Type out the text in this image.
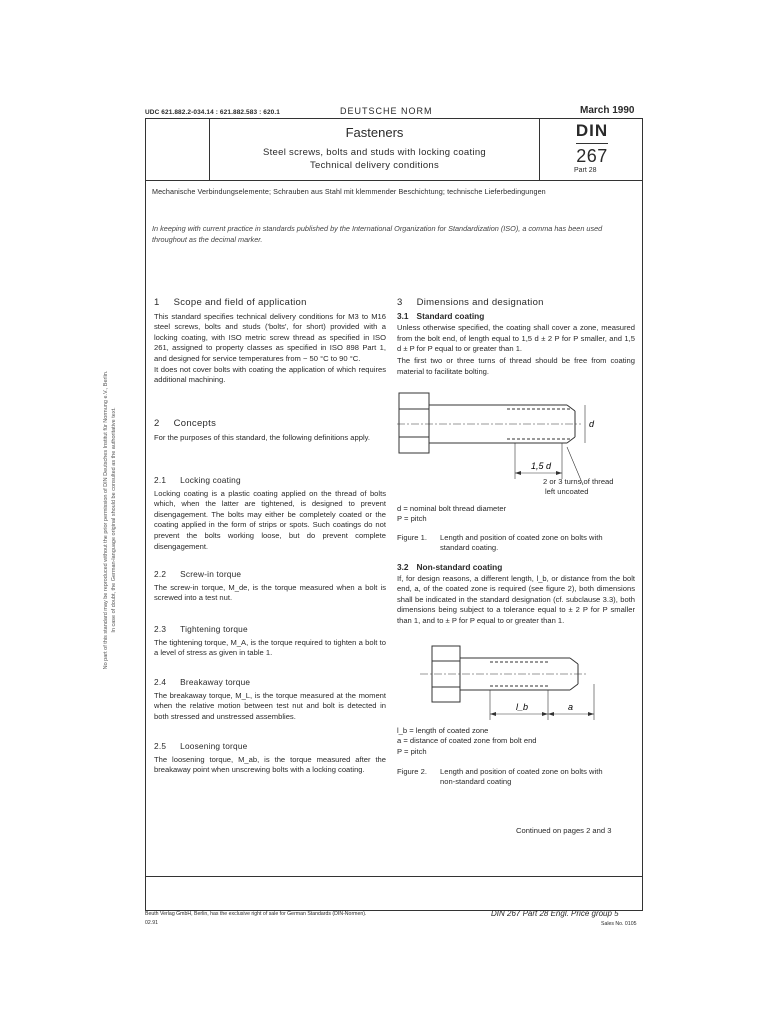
UDC 621.882.2-034.14 : 621.882.583 : 620.1	DEUTSCHE NORM	March 1990
Fasteners
Steel screws, bolts and studs with locking coating
Technical delivery conditions
DIN
267
Part 28
Mechanische Verbindungselemente; Schrauben aus Stahl mit klemmender Beschichtung; technische Lieferbedingungen
In keeping with current practice in standards published by the International Organization for Standardization (ISO), a comma has been used throughout as the decimal marker.
No part of this standard may be reproduced without the prior permission of DIN Deutsches Institut für Normung e.V., Berlin. In case of doubt, the German-language original should be consulted as the authoritative text.
1 Scope and field of application
This standard specifies technical delivery conditions for M3 to M16 steel screws, bolts and studs ('bolts', for short) provided with a locking coating, with ISO metric screw thread as specified in ISO 261, assigned to property classes as specified in ISO 898 Part 1, and designed for service temperatures from − 50 °C to 90 °C.
It does not cover bolts with coating the application of which requires additional machining.
2 Concepts
For the purposes of this standard, the following definitions apply.
2.1 Locking coating
Locking coating is a plastic coating applied on the thread of bolts which, when the latter are tightened, is designed to prevent disengagement. The bolts may either be completely coated or the coating applied in the form of strips or spots. Such coatings do not prevent the bolts working loose, but do prevent complete disengagement.
2.2 Screw-in torque
The screw-in torque, M_de, is the torque measured when a bolt is screwed into a test nut.
2.3 Tightening torque
The tightening torque, M_A, is the torque required to tighten a bolt to a level of stress as given in table 1.
2.4 Breakaway torque
The breakaway torque, M_L, is the torque measured at the moment when the relative motion between test nut and bolt is detected in both stressed and unstressed assemblies.
2.5 Loosening torque
The loosening torque, M_ab, is the torque measured after the breakaway point when unscrewing bolts with a locking coating.
3 Dimensions and designation
3.1 Standard coating
Unless otherwise specified, the coating shall cover a zone, measured from the bolt end, of length equal to 1,5 d ± 2 P for P smaller, and 1,5 d ± P for P equal to or greater than 1.
The first two or three turns of thread should be free from coating material to facilitate bolting.
1,5 d
d
2 or 3 turns of thread
left uncoated
d = nominal bolt thread diameter
P = pitch
Figure 1. Length and position of coated zone on bolts with
standard coating.
3.2 Non-standard coating
If, for design reasons, a different length, l_b, or distance from the bolt end, a, of the coated zone is required (see figure 2), both dimensions shall be indicated in the standard designation (cf. subclause 3.3), both dimensions being subject to a tolerance equal to ± 2 P for P smaller than 1, and to ± P for P equal to or greater than 1.
l_b	a
l_b = length of coated zone
a = distance of coated zone from bolt end
P = pitch
Figure 2. Length and position of coated zone on bolts with
non-standard coating
Continued on pages 2 and 3
Beuth Verlag GmbH, Berlin, has the exclusive right of sale for German Standards (DIN-Normen).
02.91
DIN 267 Part 28 Engl. Price group 5
Sales No. 0105
